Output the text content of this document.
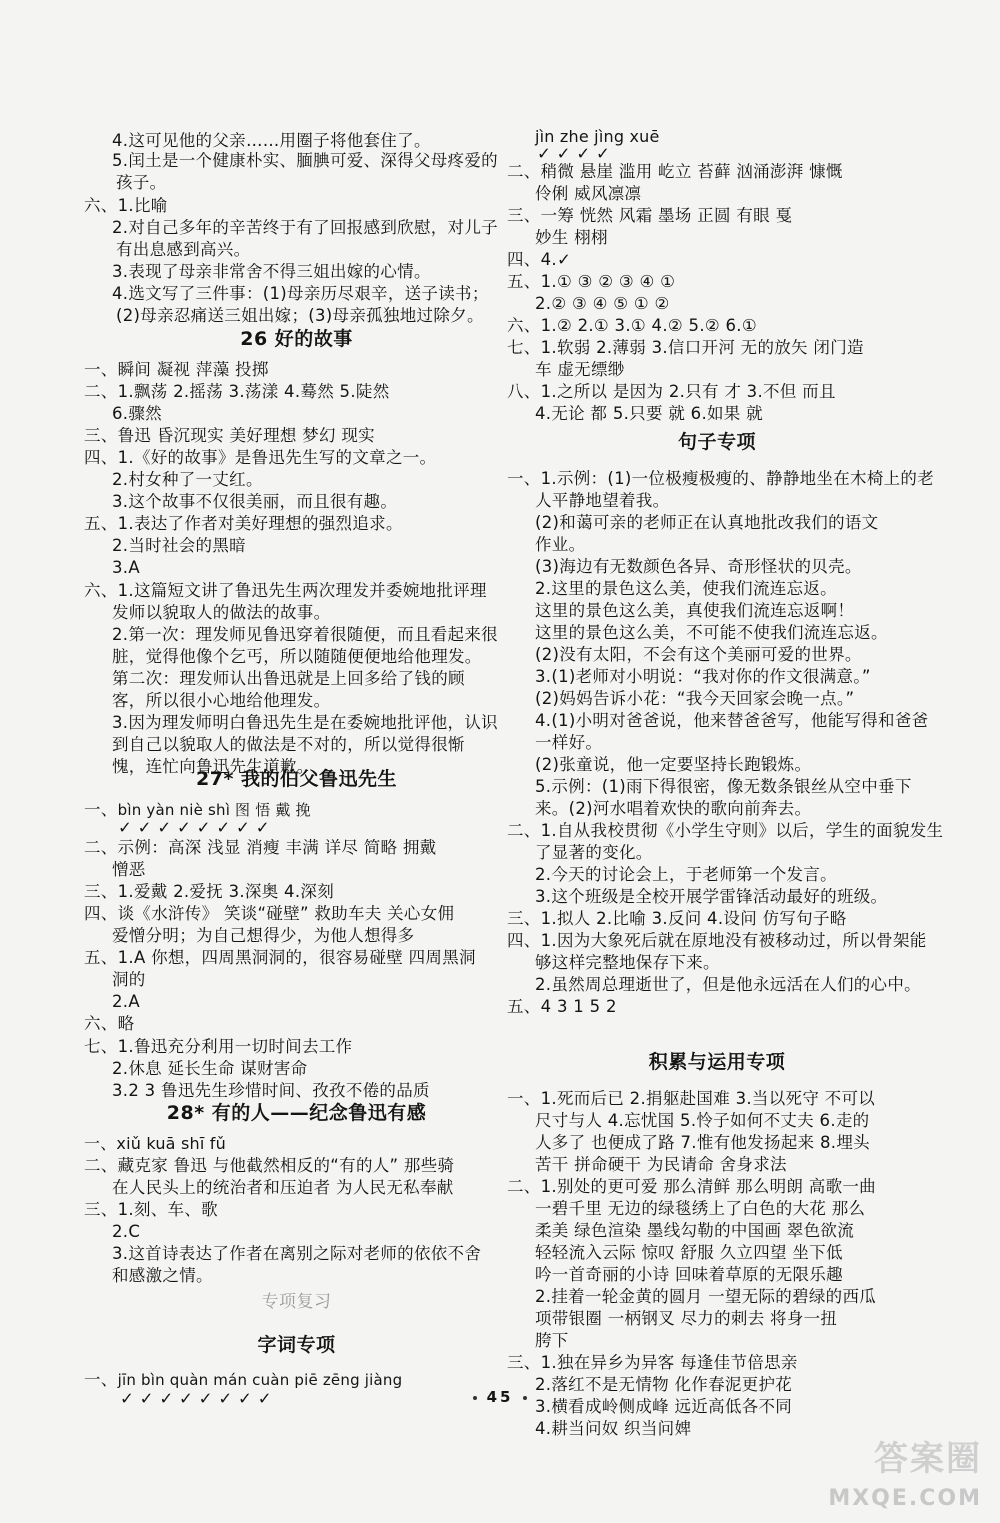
4.这可见他的父亲……用圈子将他套住了。
5.闰土是一个健康朴实、腼腆可爱、深得父母疼爱的
孩子。
六、1.比喻
2.对自己多年的辛苦终于有了回报感到欣慰，对儿子
有出息感到高兴。
3.表现了母亲非常舍不得三姐出嫁的心情。
4.选文写了三件事：(1)母亲历尽艰辛，送子读书；
(2)母亲忍痛送三姐出嫁；(3)母亲孤独地过除夕。
26 好的故事
一、瞬间 凝视 萍藻 投掷
二、1.飘荡 2.摇荡 3.荡漾 4.蓦然 5.陡然
6.骤然
三、鲁迅 昏沉现实 美好理想 梦幻 现实
四、1.《好的故事》是鲁迅先生写的文章之一。
2.村女种了一丈红。
3.这个故事不仅很美丽，而且很有趣。
五、1.表达了作者对美好理想的强烈追求。
2.当时社会的黑暗
3.A
六、1.这篇短文讲了鲁迅先生两次理发并委婉地批评理
发师以貌取人的做法的故事。
2.第一次：理发师见鲁迅穿着很随便，而且看起来很
脏，觉得他像个乞丐，所以随随便便地给他理发。
第二次：理发师认出鲁迅就是上回多给了钱的顾
客，所以很小心地给他理发。
3.因为理发师明白鲁迅先生是在委婉地批评他，认识
到自己以貌取人的做法是不对的，所以觉得很惭
愧，连忙向鲁迅先生道歉。
27* 我的伯父鲁迅先生
一、bìn yàn niè shì 图 悟 戴 挽
✓ ✓ ✓ ✓ ✓ ✓ ✓ ✓
二、示例：高深 浅显 消瘦 丰满 详尽 简略 拥戴
憎恶
三、1.爱戴 2.爱抚 3.深奥 4.深刻
四、谈《水浒传》 笑谈“碰壁” 救助车夫 关心女佣
爱憎分明；为自己想得少，为他人想得多
五、1.A 你想，四周黑洞洞的，很容易碰壁 四周黑洞
洞的
2.A
六、略
七、1.鲁迅充分利用一切时间去工作
2.休息 延长生命 谋财害命
3.2 3 鲁迅先生珍惜时间、孜孜不倦的品质
28* 有的人——纪念鲁迅有感
一、xiǔ kuā shī fǔ
二、藏克家 鲁迅 与他截然相反的“有的人” 那些骑
在人民头上的统治者和压迫者 为人民无私奉献
三、1.刻、车、歌
2.C
3.这首诗表达了作者在离别之际对老师的依依不舍
和感激之情。
专项复习
字词专项
一、jīn bìn quàn mán cuàn piē zēng jiàng
✓ ✓ ✓ ✓ ✓ ✓ ✓ ✓
jìn zhe jìng xuē
✓ ✓ ✓ ✓
二、稍微 悬崖 滥用 屹立 苔藓 汹涌澎湃 慷慨
伶俐 威风凛凛
三、一筹 恍然 风霜 墨场 正圆 有眼 戛
妙生 栩栩
四、4.✓
五、1.① ③ ② ③ ④ ①
2.② ③ ④ ⑤ ① ②
六、1.② 2.① 3.① 4.② 5.② 6.①
七、1.软弱 2.薄弱 3.信口开河 无的放矢 闭门造
车 虚无缥缈
八、1.之所以 是因为 2.只有 才 3.不但 而且
4.无论 都 5.只要 就 6.如果 就
句子专项
一、1.示例：(1)一位极瘦极瘦的、静静地坐在木椅上的老
人平静地望着我。
(2)和蔼可亲的老师正在认真地批改我们的语文
作业。
(3)海边有无数颜色各异、奇形怪状的贝壳。
2.这里的景色这么美，使我们流连忘返。
这里的景色这么美，真使我们流连忘返啊！
这里的景色这么美，不可能不使我们流连忘返。
(2)没有太阳，不会有这个美丽可爱的世界。
3.(1)老师对小明说：“我对你的作文很满意。”
(2)妈妈告诉小花：“我今天回家会晚一点。”
4.(1)小明对爸爸说，他来替爸爸写，他能写得和爸爸
一样好。
(2)张童说，他一定要坚持长跑锻炼。
5.示例：(1)雨下得很密，像无数条银丝从空中垂下
来。(2)河水唱着欢快的歌向前奔去。
二、1.自从我校贯彻《小学生守则》以后，学生的面貌发生
了显著的变化。
2.今天的讨论会上，于老师第一个发言。
3.这个班级是全校开展学雷锋活动最好的班级。
三、1.拟人 2.比喻 3.反问 4.设问 仿写句子略
四、1.因为大象死后就在原地没有被移动过，所以骨架能
够这样完整地保存下来。
2.虽然周总理逝世了，但是他永远活在人们的心中。
五、4 3 1 5 2
积累与运用专项
一、1.死而后已 2.捐躯赴国难 3.当以死守 不可以
尺寸与人 4.忘忧国 5.怜子如何不丈夫 6.走的
人多了 也便成了路 7.惟有他发扬起来 8.埋头
苦干 拼命硬干 为民请命 舍身求法
二、1.别处的更可爱 那么清鲜 那么明朗 高歌一曲
一碧千里 无边的绿毯绣上了白色的大花 那么
柔美 绿色渲染 墨线勾勒的中国画 翠色欲流
轻轻流入云际 惊叹 舒服 久立四望 坐下低
吟一首奇丽的小诗 回味着草原的无限乐趣
2.挂着一轮金黄的圆月 一望无际的碧绿的西瓜
项带银圈 一柄钢叉 尽力的刺去 将身一扭
胯下
三、1.独在异乡为异客 每逢佳节倍思亲
2.落红不是无情物 化作春泥更护花
3.横看成岭侧成峰 远近高低各不同
4.耕当问奴 织当问婢
45
答案圈
MXQE.COM
